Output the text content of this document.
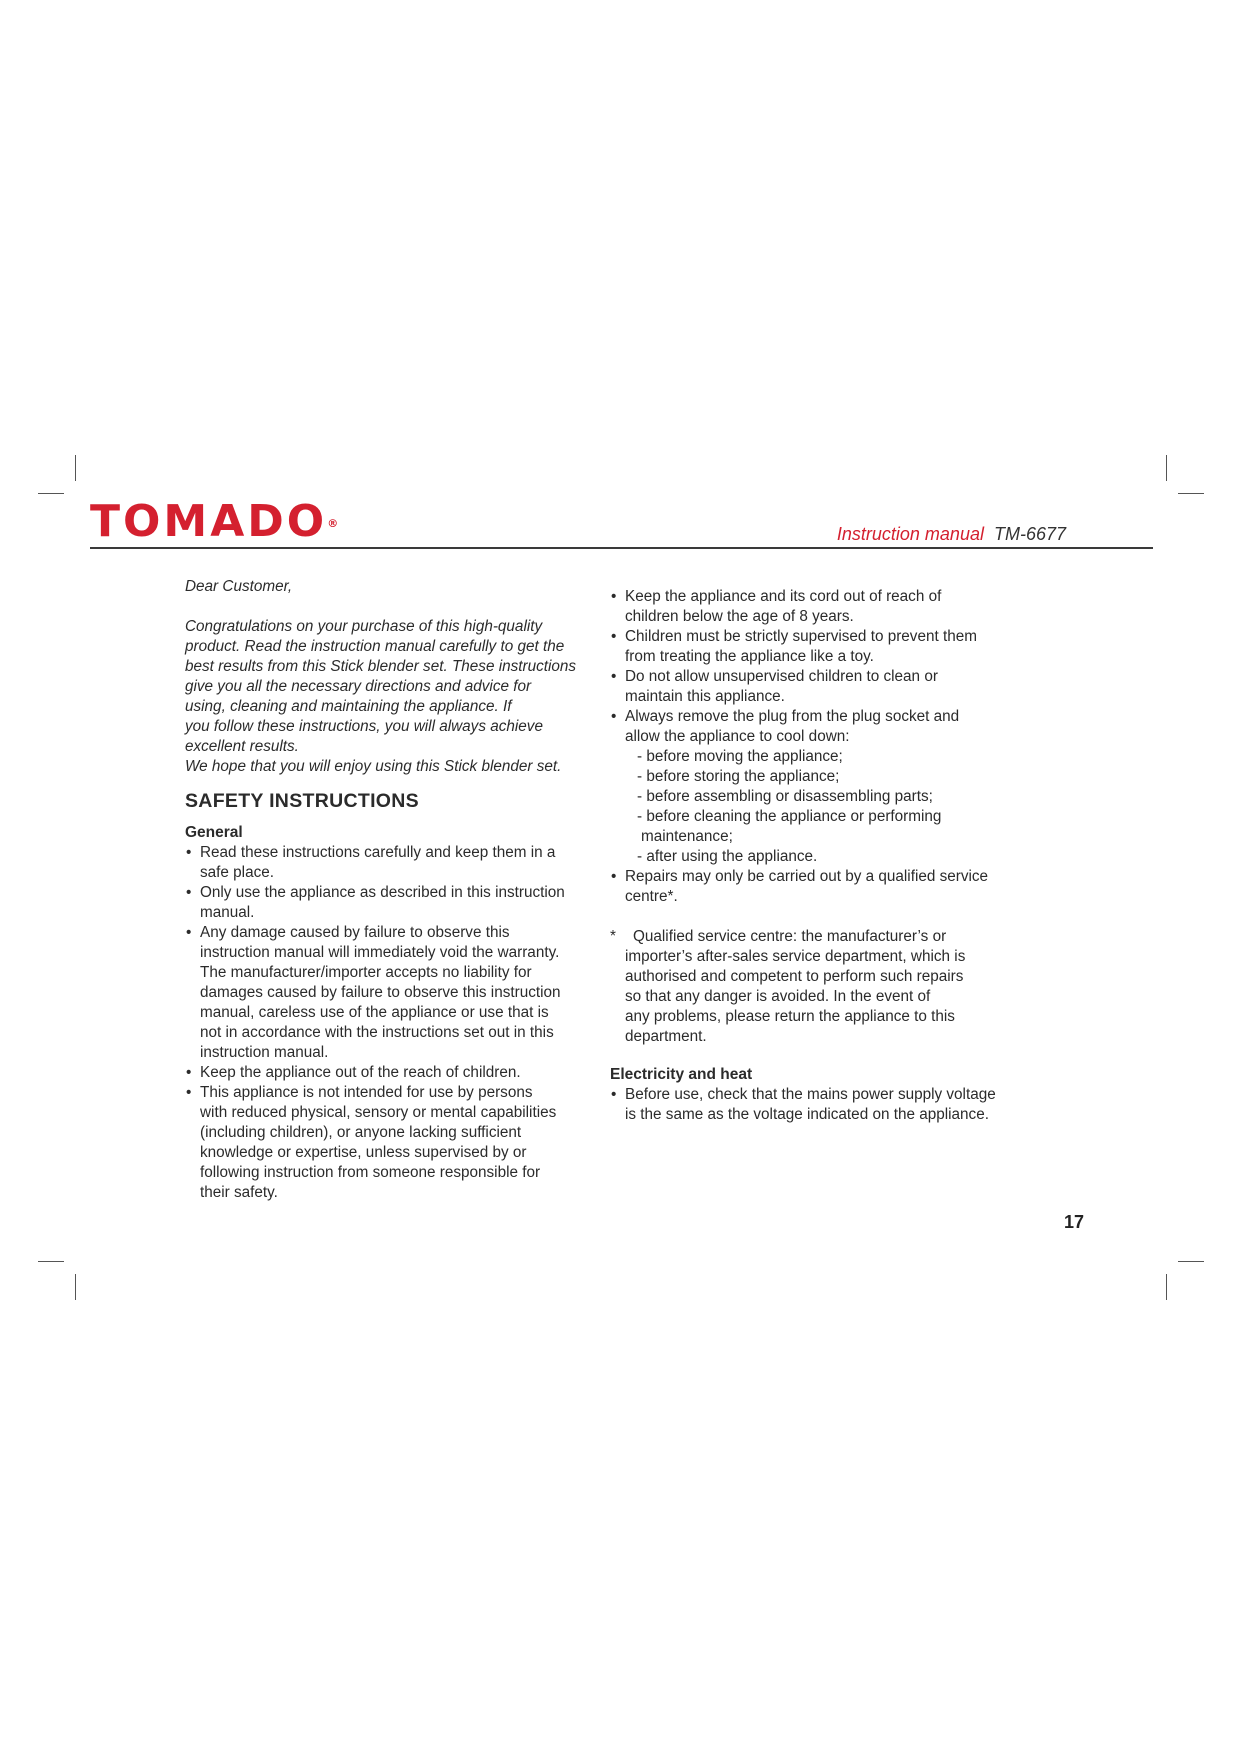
TOMADO®
Instruction manual TM-6677

Dear Customer,

Congratulations on your purchase of this high-quality

product. Read the instruction manual carefully to get the

best results from this Stick blender set. These instructions

give you all the necessary directions and advice for

using, cleaning and maintaining the appliance. If

you follow these instructions, you will always achieve

excellent results.

We hope that you will enjoy using this Stick blender set.

SAFETY INSTRUCTIONS
General
• Read these instructions carefully and keep them in a
safe place.
• Only use the appliance as described in this instruction
manual.
• Any damage caused by failure to observe this
instruction manual will immediately void the warranty.
The manufacturer/importer accepts no liability for
damages caused by failure to observe this instruction
manual, careless use of the appliance or use that is
not in accordance with the instructions set out in this
instruction manual.
• Keep the appliance out of the reach of children.
• This appliance is not intended for use by persons
with reduced physical, sensory or mental capabilities
(including children), or anyone lacking sufficient
knowledge or expertise, unless supervised by or
following instruction from someone responsible for
their safety.
• Keep the appliance and its cord out of reach of
children below the age of 8 years.
• Children must be strictly supervised to prevent them
from treating the appliance like a toy.
• Do not allow unsupervised children to clean or
maintain this appliance.
• Always remove the plug from the plug socket and
allow the appliance to cool down:
- before moving the appliance;
- before storing the appliance;
- before assembling or disassembling parts;
- before cleaning the appliance or performing
maintenance;
- after using the appliance.
• Repairs may only be carried out by a qualified service
centre*.
*	Qualified service centre: the manufacturer’s or
importer’s after-sales service department, which is
authorised and competent to perform such repairs
so that any danger is avoided. In the event of
any problems, please return the appliance to this
department.
Electricity and heat
• Before use, check that the mains power supply voltage
is the same as the voltage indicated on the appliance.
17
